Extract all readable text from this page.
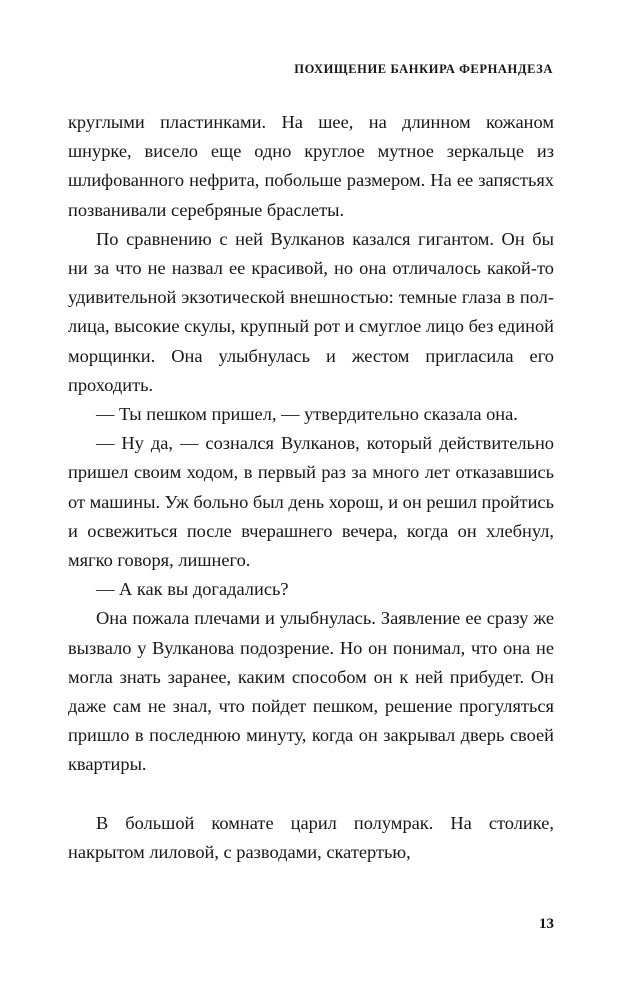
ПОХИЩЕНИЕ БАНКИРА ФЕРНАНДЕЗА

круглыми пластинками. На шее, на длинном кожаном шнурке, висело еще одно круглое мутное зеркальце из шлифованного нефрита, побольше размером. На ее запястьях позванивали серебряные браслеты.

По сравнению с ней Вулканов казался гигантом. Он бы ни за что не назвал ее красивой, но она отличалось какой-то удивительной экзотической внешностью: темные глаза в пол-лица, высокие скулы, крупный рот и смуглое лицо без единой морщинки. Она улыбнулась и жестом пригласила его проходить.

— Ты пешком пришел, — утвердительно сказала она.

— Ну да, — сознался Вулканов, который действительно пришел своим ходом, в первый раз за много лет отказавшись от машины. Уж больно был день хорош, и он решил пройтись и освежиться после вчерашнего вечера, когда он хлебнул, мягко говоря, лишнего.

— А как вы догадались?

Она пожала плечами и улыбнулась. Заявление ее сразу же вызвало у Вулканова подозрение. Но он понимал, что она не могла знать заранее, каким способом он к ней прибудет. Он даже сам не знал, что пойдет пешком, решение прогуляться пришло в последнюю минуту, когда он закрывал дверь своей квартиры.

В большой комнате царил полумрак. На столике, накрытом лиловой, с разводами, скатертью,

13
